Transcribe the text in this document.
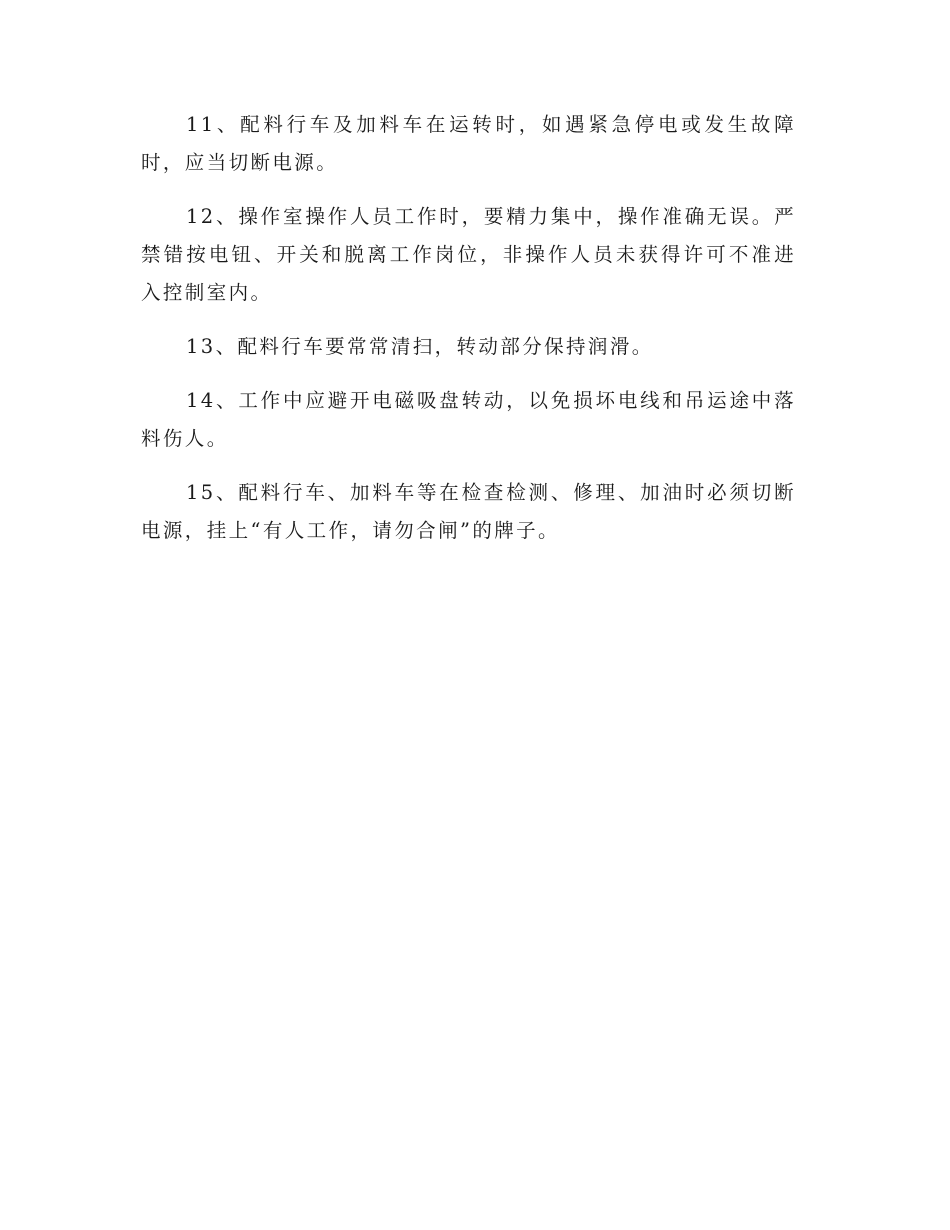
11、配料行车及加料车在运转时，如遇紧急停电或发生故障时，应当切断电源。

12、操作室操作人员工作时，要精力集中，操作准确无误。严禁错按电钮、开关和脱离工作岗位，非操作人员未获得许可不准进入控制室内。

13、配料行车要常常清扫，转动部分保持润滑。

14、工作中应避开电磁吸盘转动，以免损坏电线和吊运途中落料伤人。

15、配料行车、加料车等在检查检测、修理、加油时必须切断电源，挂上“有人工作，请勿合闸”的牌子。
